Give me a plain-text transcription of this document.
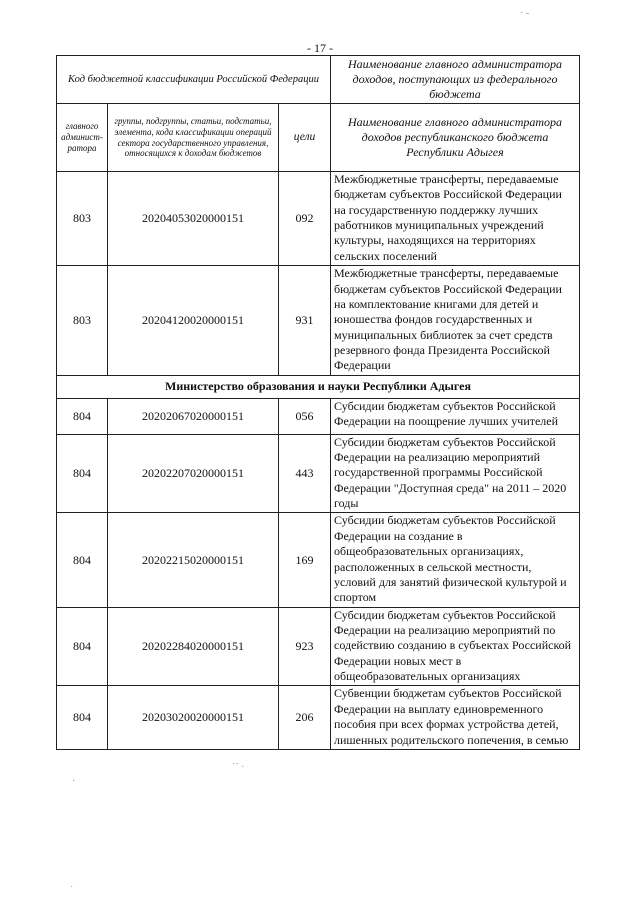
- 17 -
Код бюджетной классификации Российской Федерации			Наименование главного администратора доходов, поступающих из федерального бюджета
главного админист-ратора	группы, подгруппы, статьи, подстатьи, элемента, кода классификации операций сектора государственного управления, относящихся к доходам бюджетов	цели	Наименование главного администратора доходов республиканского бюджета Республики Адыгея
803	20204053020000151	092	Межбюджетные трансферты, передаваемые бюджетам субъектов Российской Федерации на государственную поддержку лучших работников муниципальных учреждений культуры, находящихся на территориях сельских поселений
803	20204120020000151	931	Межбюджетные трансферты, передаваемые бюджетам субъектов Российской Федерации на комплектование книгами для детей и юношества фондов государственных и муниципальных библиотек за счет средств резервного фонда Президента Российской Федерации
Министерство образования и науки Республики Адыгея			
804	20202067020000151	056	Субсидии бюджетам субъектов Российской Федерации на поощрение лучших учителей
804	20202207020000151	443	Субсидии бюджетам субъектов Российской Федерации на реализацию мероприятий государственной программы Российской Федерации "Доступная среда" на 2011 – 2020 годы
804	20202215020000151	169	Субсидии бюджетам субъектов Российской Федерации на создание в общеобразовательных организациях, расположенных в сельской местности, условий для занятий физической культурой и спортом
804	20202284020000151	923	Субсидии бюджетам субъектов Российской Федерации на реализацию мероприятий по содействию созданию в субъектах Российской Федерации новых мест в общеобразовательных организациях
804	20203020020000151	206	Субвенции бюджетам субъектов Российской Федерации на выплату единовременного пособия при всех формах устройства детей, лишенных родительского попечения, в семью
· -
˙˙ ·
·
˙
